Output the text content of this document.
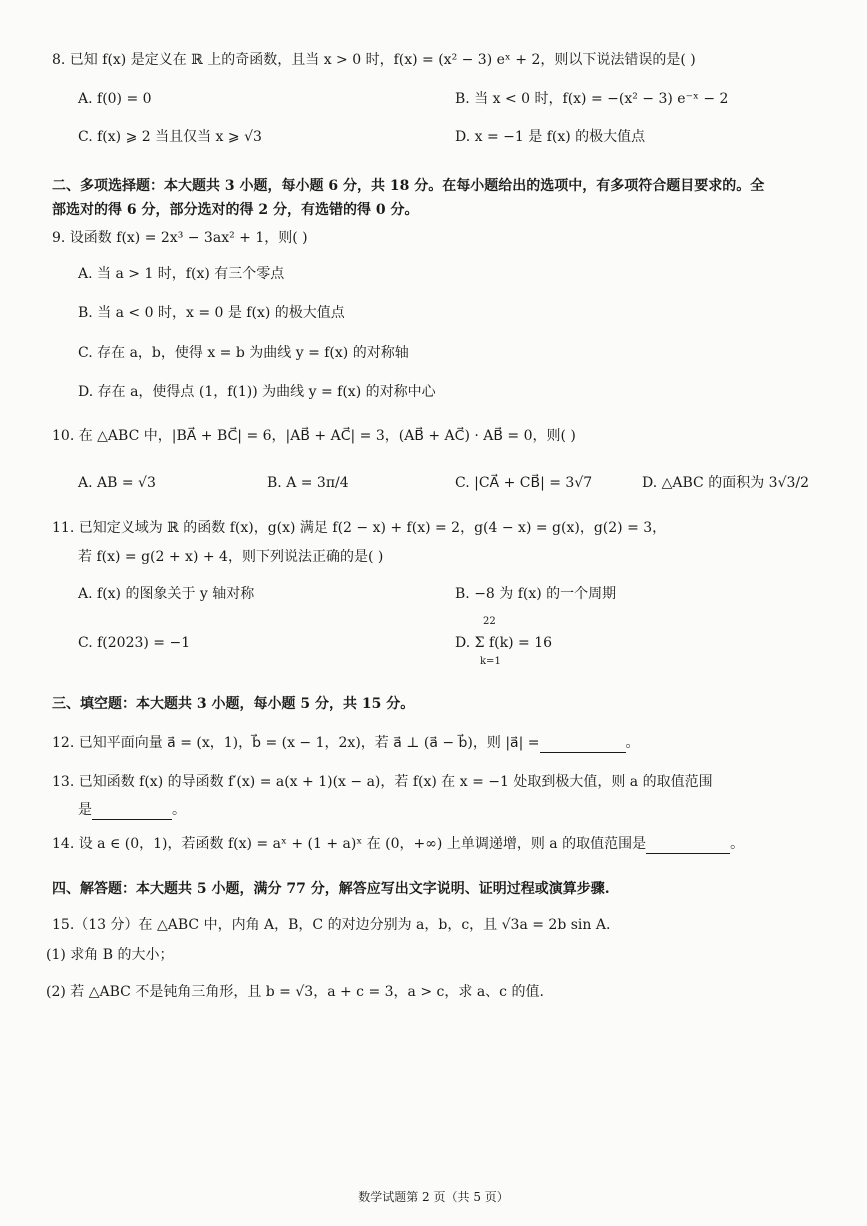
8. 已知 f(x) 是定义在 ℝ 上的奇函数，且当 x > 0 时，f(x) = (x² − 3) eˣ + 2，则以下说法错误的是( )
A. f(0) = 0	B. 当 x < 0 时，f(x) = −(x² − 3) e⁻ˣ − 2
C. f(x) ⩾ 2 当且仅当 x ⩾ √3	D. x = −1 是 f(x) 的极大值点
二、多项选择题：本大题共 3 小题，每小题 6 分，共 18 分。在每小题给出的选项中，有多项符合题目要求的。全
部选对的得 6 分，部分选对的得 2 分，有选错的得 0 分。
9. 设函数 f(x) = 2x³ − 3ax² + 1，则( )
A. 当 a > 1 时，f(x) 有三个零点
B. 当 a < 0 时，x = 0 是 f(x) 的极大值点
C. 存在 a，b，使得 x = b 为曲线 y = f(x) 的对称轴
D. 存在 a，使得点 (1，f(1)) 为曲线 y = f(x) 的对称中心
10. 在 △ABC 中，|BA⃗ + BC⃗| = 6，|AB⃗ + AC⃗| = 3，(AB⃗ + AC⃗) · AB⃗ = 0，则( )
A. AB = √3	B. A = 3π/4	C. |CA⃗ + CB⃗| = 3√7	D. △ABC 的面积为 3√3/2
11. 已知定义域为 ℝ 的函数 f(x)，g(x) 满足 f(2 − x) + f(x) = 2，g(4 − x) = g(x)，g(2) = 3，
若 f(x) = g(2 + x) + 4，则下列说法正确的是( )
A. f(x) 的图象关于 y 轴对称	B. −8 为 f(x) 的一个周期
C. f(2023) = −1	D. Σ f(k) = 16
22
k=1
三、填空题：本大题共 3 小题，每小题 5 分，共 15 分。
12. 已知平面向量 a⃗ = (x，1)，b⃗ = (x − 1，2x)，若 a⃗ ⊥ (a⃗ − b⃗)，则 |a⃗| =	。
13. 已知函数 f(x) 的导函数 f′(x) = a(x + 1)(x − a)，若 f(x) 在 x = −1 处取到极大值，则 a 的取值范围
是	。
14. 设 a ∈ (0，1)，若函数 f(x) = aˣ + (1 + a)ˣ 在 (0，+∞) 上单调递增，则 a 的取值范围是	。
四、解答题：本大题共 5 小题，满分 77 分，解答应写出文字说明、证明过程或演算步骤.
15.（13 分）在 △ABC 中，内角 A，B，C 的对边分别为 a，b，c，且 √3a = 2b sin A.
(1) 求角 B 的大小；
(2) 若 △ABC 不是钝角三角形，且 b = √3，a + c = 3，a > c，求 a、c 的值.
数学试题第 2 页（共 5 页）
